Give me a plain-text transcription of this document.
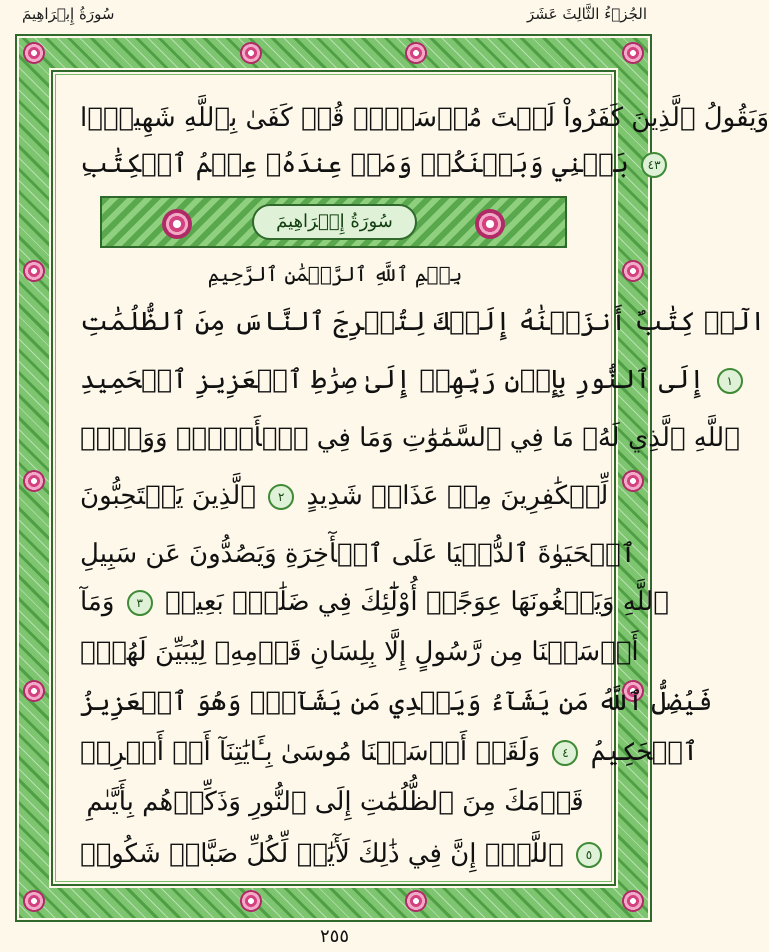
سُورَةُ إِبۡرَاهِيمَ	الجُزۡءُ الثَّالِثَ عَشَرَ
وَيَقُولُ ٱلَّذِينَ كَفَرُواْ لَسۡتَ مُرۡسَلٗاۚ قُلۡ كَفَىٰ بِٱللَّهِ شَهِيدَۢا
بَيۡنِي وَبَيۡنَكُمۡ وَمَنۡ عِندَهُۥ عِلۡمُ ٱلۡكِتَٰبِ ٤٣
سُورَةُ إِبۡرَاهِيمَ
بِسۡمِ ٱللَّهِ ٱلرَّحۡمَٰنِ ٱلرَّحِيمِ
الٓرۚ كِتَٰبٌ أَنزَلۡنَٰهُ إِلَيۡكَ لِتُخۡرِجَ ٱلنَّاسَ مِنَ ٱلظُّلُمَٰتِ
إِلَى ٱلنُّورِ بِإِذۡنِ رَبِّهِمۡ إِلَىٰ صِرَٰطِ ٱلۡعَزِيزِ ٱلۡحَمِيدِ ١
ٱللَّهِ ٱلَّذِي لَهُۥ مَا فِي ٱلسَّمَٰوَٰتِ وَمَا فِي ٱلۡأَرۡضِۗ وَوَيۡلٞ
لِّلۡكَٰفِرِينَ مِنۡ عَذَابٖ شَدِيدٍ ٢ ٱلَّذِينَ يَسۡتَحِبُّونَ
ٱلۡحَيَوٰةَ ٱلدُّنۡيَا عَلَى ٱلۡأٓخِرَةِ وَيَصُدُّونَ عَن سَبِيلِ
ٱللَّهِ وَيَبۡغُونَهَا عِوَجًاۚ أُوْلَٰٓئِكَ فِي ضَلَٰلِۭ بَعِيدٖ ٣ وَمَآ
أَرۡسَلۡنَا مِن رَّسُولٍ إِلَّا بِلِسَانِ قَوۡمِهِۦ لِيُبَيِّنَ لَهُمۡۖ
فَيُضِلُّ ٱللَّهُ مَن يَشَآءُ وَيَهۡدِي مَن يَشَآءُۚ وَهُوَ ٱلۡعَزِيزُ
ٱلۡحَكِيمُ ٤ وَلَقَدۡ أَرۡسَلۡنَا مُوسَىٰ بِـَٔايَٰتِنَآ أَنۡ أَخۡرِجۡ
قَوۡمَكَ مِنَ ٱلظُّلُمَٰتِ إِلَى ٱلنُّورِ وَذَكِّرۡهُم بِأَيَّىٰمِ
ٱللَّهِۚ إِنَّ فِي ذَٰلِكَ لَأٓيَٰتٖ لِّكُلِّ صَبَّارٖ شَكُورٖ ٥
٢٥٥
